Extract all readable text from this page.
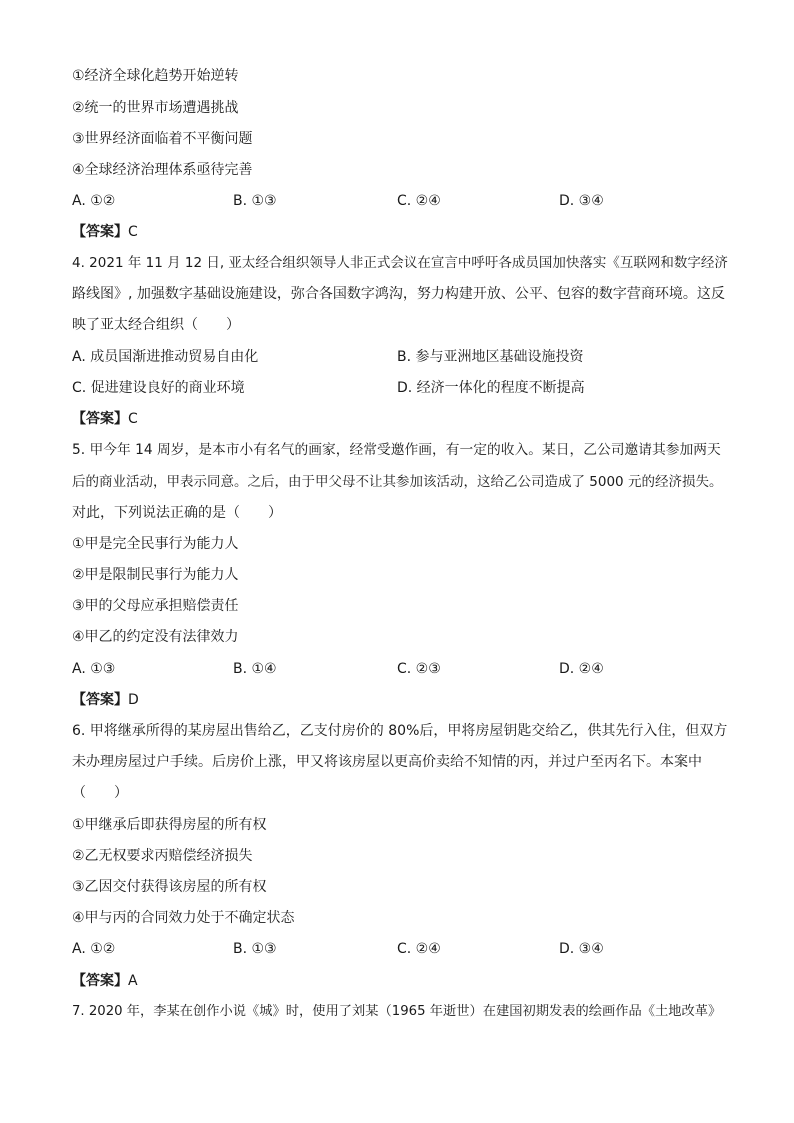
①经济全球化趋势开始逆转
②统一的世界市场遭遇挑战
③世界经济面临着不平衡问题
④全球经济治理体系亟待完善
A. ①②	B. ①③	C. ②④	D. ③④
【答案】C
4. 2021 年 11 月 12 日, 亚太经合组织领导人非正式会议在宣言中呼吁各成员国加快落实《互联网和数字经济
路线图》, 加强数字基础设施建设，弥合各国数字鸿沟，努力构建开放、公平、包容的数字营商环境。这反
映了亚太经合组织（　　）
A. 成员国渐进推动贸易自由化	B. 参与亚洲地区基础设施投资
C. 促进建设良好的商业环境	D. 经济一体化的程度不断提高
【答案】C
5. 甲今年 14 周岁，是本市小有名气的画家，经常受邀作画，有一定的收入。某日，乙公司邀请其参加两天
后的商业活动，甲表示同意。之后，由于甲父母不让其参加该活动，这给乙公司造成了 5000 元的经济损失。
对此，下列说法正确的是（　　）
①甲是完全民事行为能力人
②甲是限制民事行为能力人
③甲的父母应承担赔偿责任
④甲乙的约定没有法律效力
A. ①③	B. ①④	C. ②③	D. ②④
【答案】D
6. 甲将继承所得的某房屋出售给乙，乙支付房价的 80%后，甲将房屋钥匙交给乙，供其先行入住，但双方
未办理房屋过户手续。后房价上涨，甲又将该房屋以更高价卖给不知情的丙，并过户至丙名下。本案中
（　　）
①甲继承后即获得房屋的所有权
②乙无权要求丙赔偿经济损失
③乙因交付获得该房屋的所有权
④甲与丙的合同效力处于不确定状态
A. ①②	B. ①③	C. ②④	D. ③④
【答案】A
7. 2020 年，李某在创作小说《城》时，使用了刘某（1965 年逝世）在建国初期发表的绘画作品《土地改革》
